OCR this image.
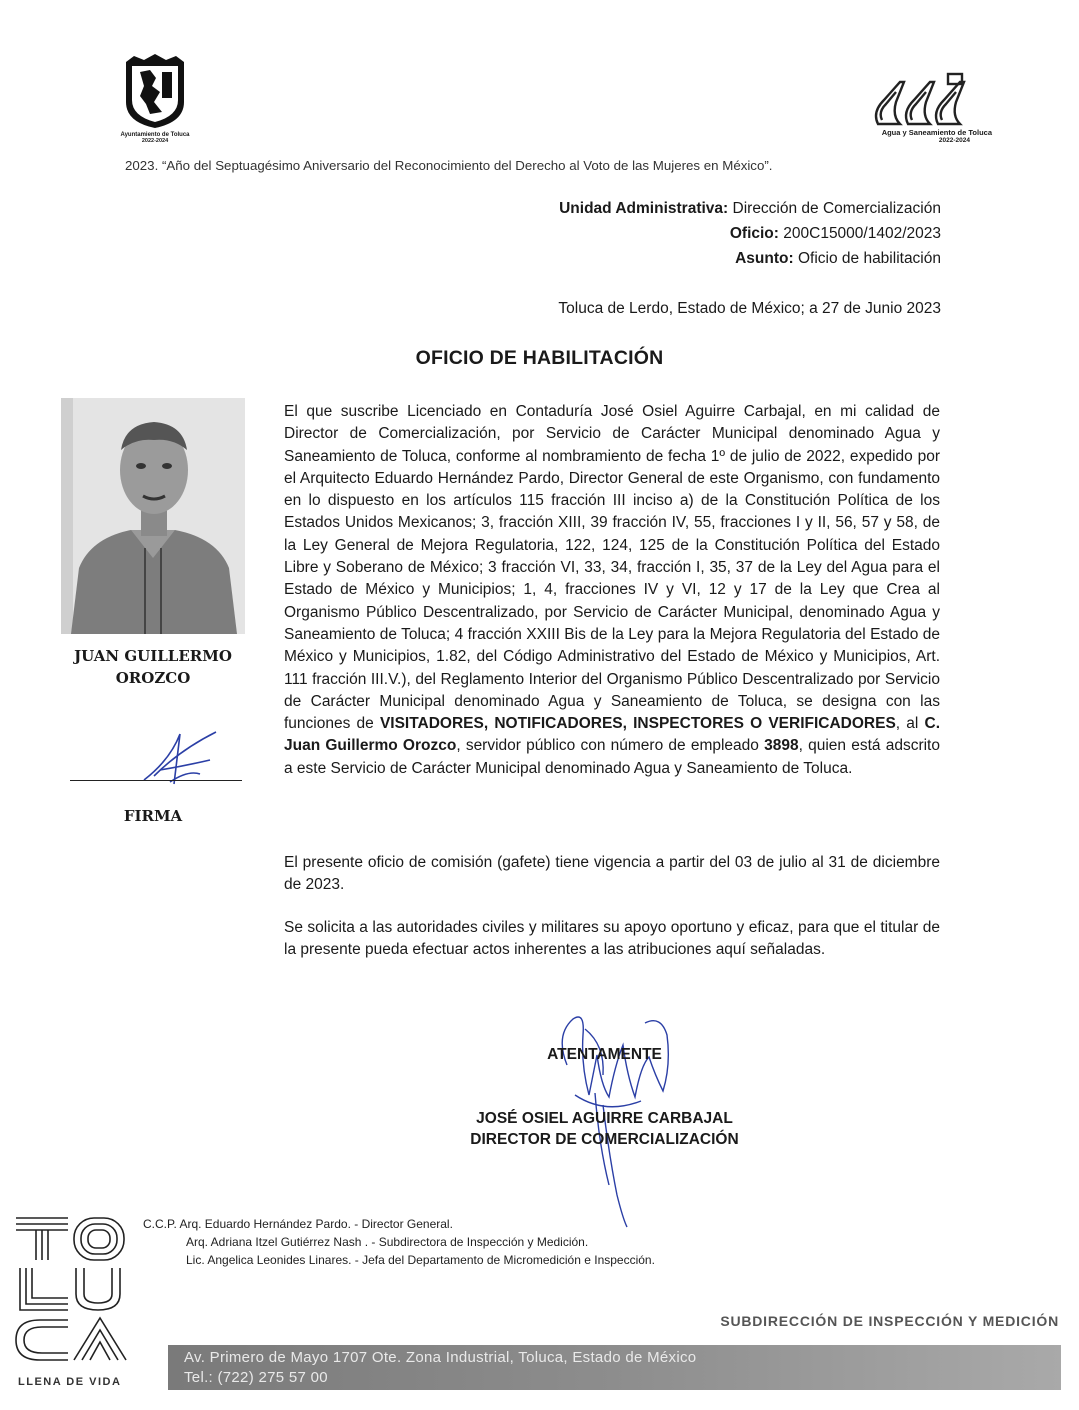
Ayuntamiento de Toluca
2022-2024
Agua y Saneamiento de Toluca
2022-2024
2023. “Año del Septuagésimo Aniversario del Reconocimiento del Derecho al Voto de las Mujeres en México”.
Unidad Administrativa: Dirección de Comercialización
Oficio: 200C15000/1402/2023
Asunto: Oficio de habilitación
Toluca de Lerdo, Estado de México; a 27 de Junio 2023
OFICIO DE HABILITACIÓN
JUAN GUILLERMO
OROZCO
FIRMA
El que suscribe Licenciado en Contaduría José Osiel Aguirre Carbajal, en mi calidad de Director de Comercialización, por Servicio de Carácter Municipal denominado Agua y Saneamiento de Toluca, conforme al nombramiento de fecha 1º de julio de 2022, expedido por el Arquitecto Eduardo Hernández Pardo, Director General de este Organismo, con fundamento en lo dispuesto en los artículos 115 fracción III inciso a) de la Constitución Política de los Estados Unidos Mexicanos; 3, fracción XIII, 39 fracción IV, 55, fracciones I y II, 56, 57 y 58, de la Ley General de Mejora Regulatoria, 122, 124, 125 de la Constitución Política del Estado Libre y Soberano de México; 3 fracción VI, 33, 34, fracción I, 35, 37 de la Ley del Agua para el Estado de México y Municipios; 1, 4, fracciones IV y VI, 12 y 17 de la Ley que Crea al Organismo Público Descentralizado, por Servicio de Carácter Municipal, denominado Agua y Saneamiento de Toluca; 4 fracción XXIII Bis de la Ley para la Mejora Regulatoria del Estado de México y Municipios, 1.82, del Código Administrativo del Estado de México y Municipios, Art. 111 fracción III.V.), del Reglamento Interior del Organismo Público Descentralizado por Servicio de Carácter Municipal denominado Agua y Saneamiento de Toluca, se designa con las funciones de VISITADORES, NOTIFICADORES, INSPECTORES O VERIFICADORES, al C. Juan Guillermo Orozco, servidor público con número de empleado 3898, quien está adscrito a este Servicio de Carácter Municipal denominado Agua y Saneamiento de Toluca.
El presente oficio de comisión (gafete) tiene vigencia a partir del 03 de julio al 31 de diciembre de 2023.
Se solicita a las autoridades civiles y militares su apoyo oportuno y eficaz, para que el titular de la presente pueda efectuar actos inherentes a las atribuciones aquí señaladas.
ATENTAMENTE
JOSÉ OSIEL AGUIRRE CARBAJAL
DIRECTOR DE COMERCIALIZACIÓN
C.C.P. Arq. Eduardo Hernández Pardo. - Director General.
Arq. Adriana Itzel Gutiérrez Nash . - Subdirectora de Inspección y Medición.
Lic. Angelica Leonides Linares. - Jefa del Departamento de Micromedición e Inspección.
LLENA DE VIDA
SUBDIRECCIÓN DE INSPECCIÓN Y MEDICIÓN
Av. Primero de Mayo 1707 Ote. Zona Industrial, Toluca, Estado de México
Tel.: (722) 275 57 00
